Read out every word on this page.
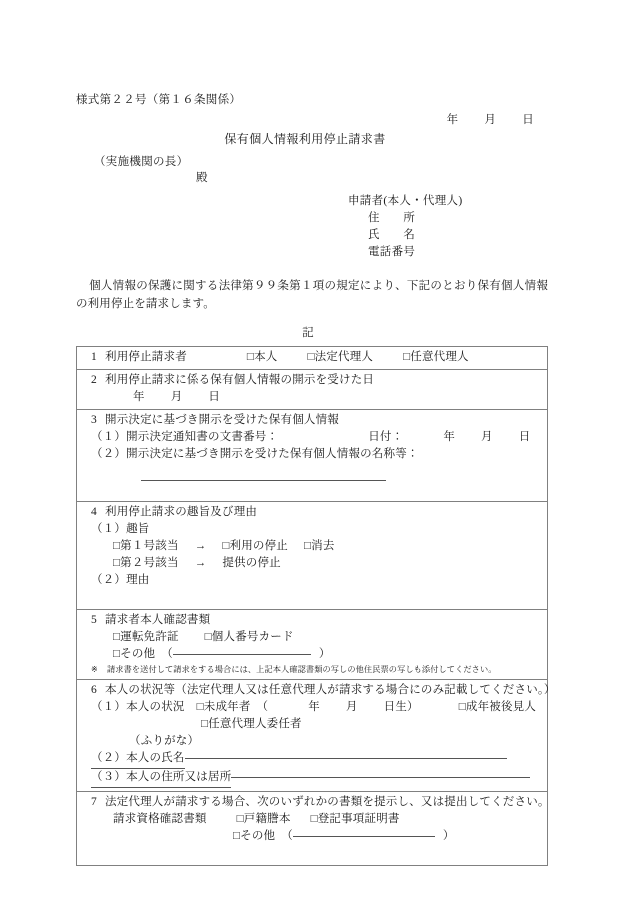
様式第２２号（第１６条関係）
年 月 日
保有個人情報利用停止請求書
（実施機関の長）
殿
申請者(本人・代理人)
住　　所
氏　　名
電話番号
個人情報の保護に関する法律第９９条第１項の規定により、下記のとおり保有個人情報の利用停止を請求します。
記
1 利用停止請求者	□本人	□法定代理人	□任意代理人

2 利用停止請求に係る保有個人情報の開示を受けた日
年 月 日

3 開示決定に基づき開示を受けた保有個人情報
（１）開示決定通知書の文書番号：	日付：	年 月 日
（２）開示決定に基づき開示を受けた保有個人情報の名称等：

4 利用停止請求の趣旨及び理由
（１）趣旨
□第１号該当 → □利用の停止 □消去
□第２号該当 → 提供の停止
（２）理由

5 請求者本人確認書類
□運転免許証 □個人番号カード
□その他　（	）
※ 請求書を送付して請求をする場合には、上記本人確認書類の写しの他住民票の写しも添付してください。

6 本人の状況等（法定代理人又は任意代理人が請求する場合にのみ記載してください。）
（１）本人の状況 □未成年者　（	年 月 日生）	□成年被後見人
□任意代理人委任者
（ふりがな）
（２）本人の氏名
（３）本人の住所又は居所

7 法定代理人が請求する場合、次のいずれかの書類を提示し、又は提出してください。
請求資格確認書類	□戸籍謄本 □登記事項証明書
□その他　（	）
